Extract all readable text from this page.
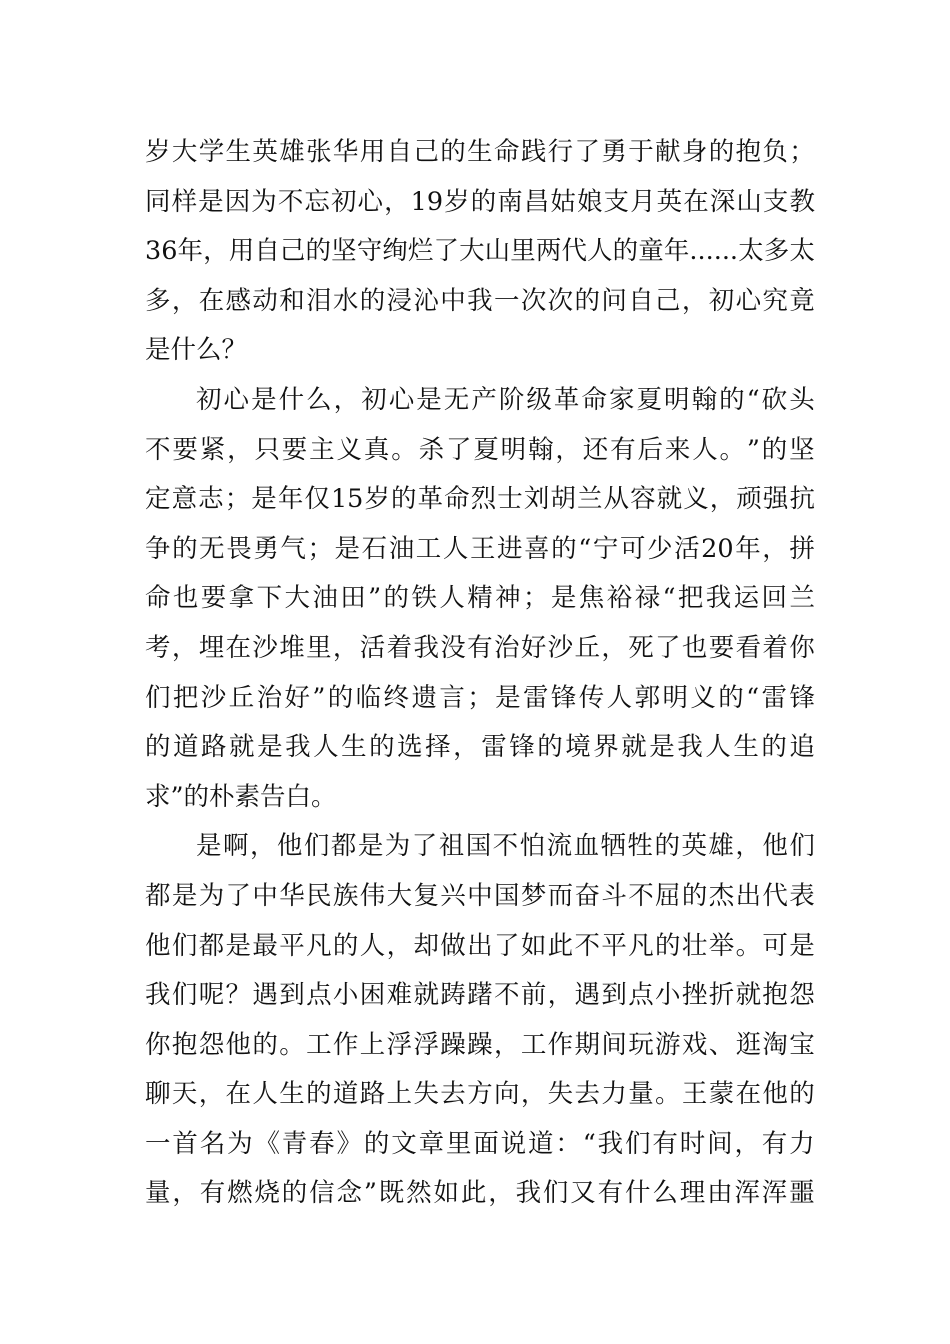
岁 大 学 生 英 雄 张 华 用 自 己 的 生 命 践 行 了 勇 于 献 身 的 抱 负 ；
同 样 是 因 为 不 忘 初 心 ， 19 岁 的 南 昌 姑 娘 支 月 英 在 深 山 支 教
36 年 ， 用 自 己 的 坚 守 绚 烂 了 大 山 里 两 代 人 的 童 年 ...... 太 多 太
多 ， 在 感 动 和 泪 水 的 浸 沁 中 我 一 次 次 的 问 自 己 ， 初 心 究 竟
是什么？
初 心 是 什 么 ， 初 心 是 无 产 阶 级 革 命 家 夏 明 翰 的 “ 砍 头
不 要 紧 ， 只 要 主 义 真 。 杀 了 夏 明 翰 ， 还 有 后 来 人 。 ” 的 坚
定 意 志 ； 是 年 仅 15 岁 的 革 命 烈 士 刘 胡 兰 从 容 就 义 ， 顽 强 抗
争 的 无 畏 勇 气 ； 是 石 油 工 人 王 进 喜 的 “ 宁 可 少 活 20 年 ， 拼
命 也 要 拿 下 大 油 田 ” 的 铁 人 精 神 ； 是 焦 裕 禄 “ 把 我 运 回 兰
考 ， 埋 在 沙 堆 里 ， 活 着 我 没 有 治 好 沙 丘 ， 死 了 也 要 看 着 你
们 把 沙 丘 治 好 ” 的 临 终 遗 言 ； 是 雷 锋 传 人 郭 明 义 的 “ 雷 锋
的 道 路 就 是 我 人 生 的 选 择 ， 雷 锋 的 境 界 就 是 我 人 生 的 追
求”的朴素告白。
是 啊 ， 他 们 都 是 为 了 祖 国 不 怕 流 血 牺 牲 的 英 雄 ， 他 们
都 是 为 了 中 华 民 族 伟 大 复 兴 中 国 梦 而 奋 斗 不 屈 的 杰 出 代 表
他 们 都 是 最 平 凡 的 人 ， 却 做 出 了 如 此 不 平 凡 的 壮 举 。 可 是
我 们 呢 ？ 遇 到 点 小 困 难 就 踌 躇 不 前 ， 遇 到 点 小 挫 折 就 抱 怨
你 抱 怨 他 的 。 工 作 上 浮 浮 躁 躁 ， 工 作 期 间 玩 游 戏 、 逛 淘 宝
聊 天 ， 在 人 生 的 道 路 上 失 去 方 向 ， 失 去 力 量 。 王 蒙 在 他 的
一 首 名 为 《 青 春 》 的 文 章 里 面 说 道 ： “ 我 们 有 时 间 ， 有 力
量 ， 有 燃 烧 的 信 念 ” 既 然 如 此 ， 我 们 又 有 什 么 理 由 浑 浑 噩
